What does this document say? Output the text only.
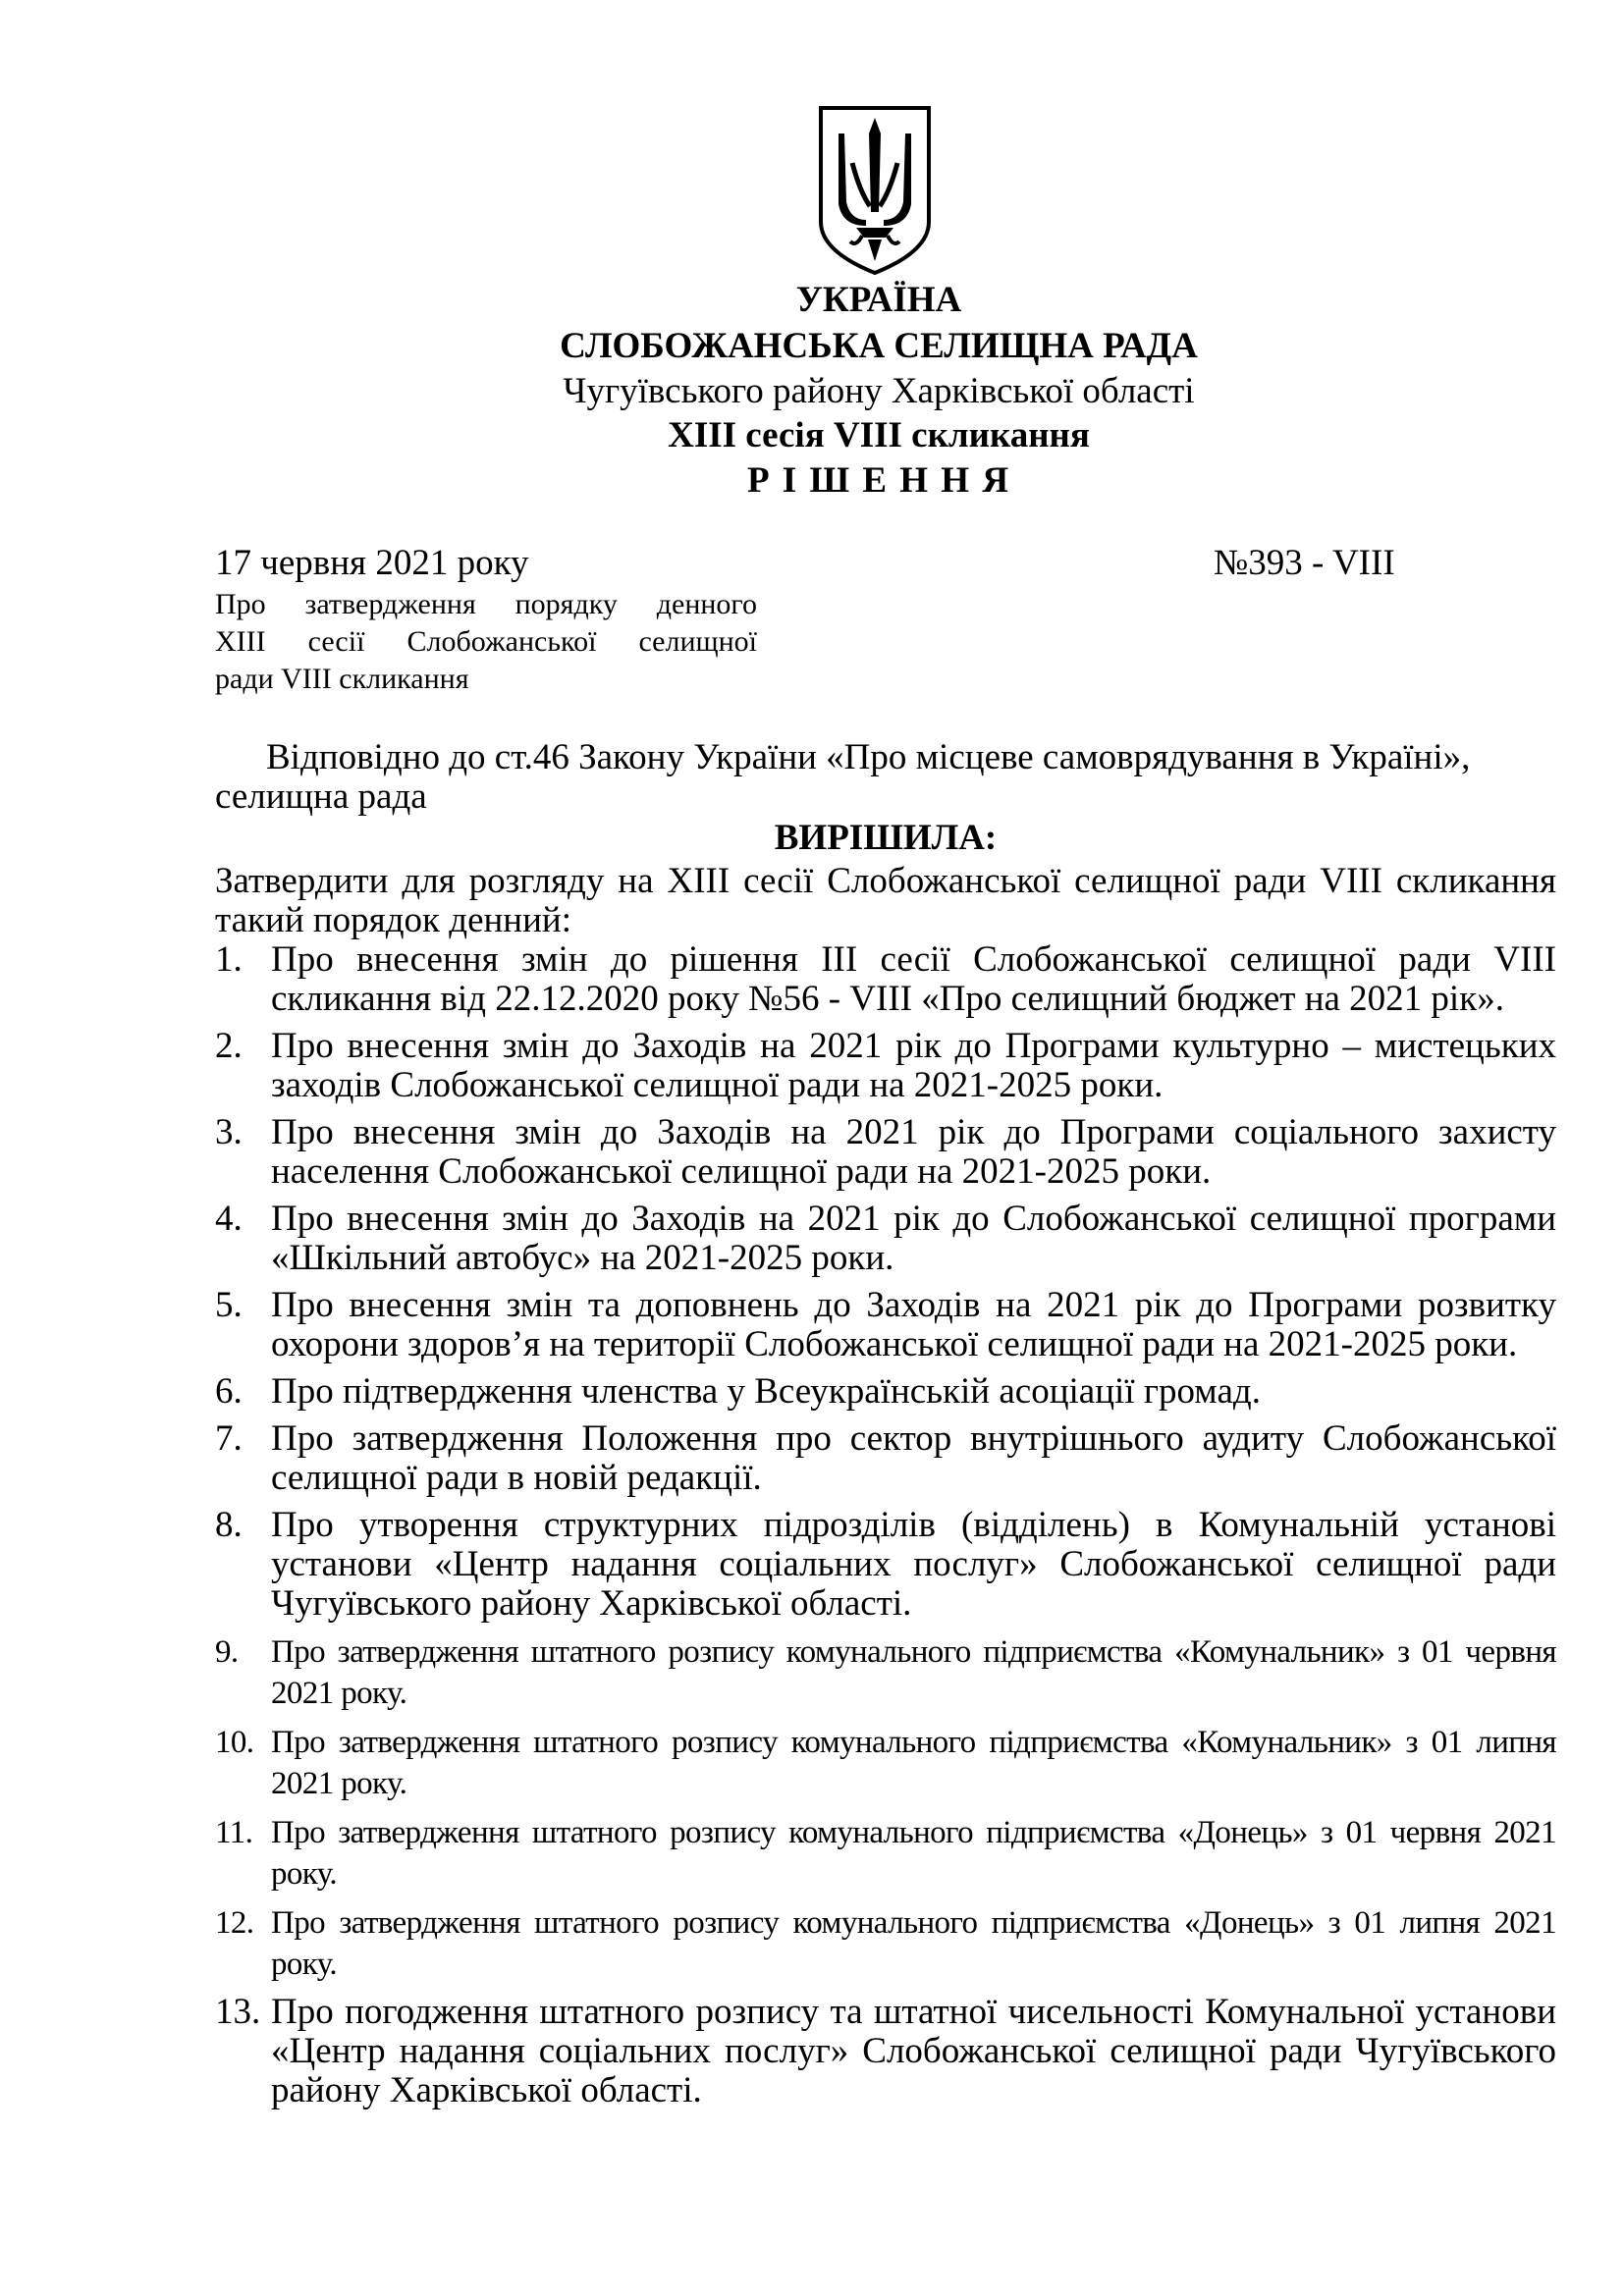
УКРАЇНА
СЛОБОЖАНСЬКА СЕЛИЩНА РАДА
Чугуївського району Харківської області
XIII сесія VIII скликання
Р І Ш Е Н Н Я
17 червня 2021 року	№393 - VIII
Про затвердження порядку денного
XIII сесії Слобожанської селищної
ради VIII скликання

Відповідно до ст.46 Закону України «Про місцеве самоврядування в Україні», селищна рада

ВИРІШИЛА:

Затвердити для розгляду на XIII сесії Слобожанської селищної ради VIII скликання такий порядок денний:

1. Про внесення змін до рішення III сесії Слобожанської селищної ради VIII скликання від 22.12.2020 року №56 - VIII «Про селищний бюджет на 2021 рік».
2. Про внесення змін до Заходів на 2021 рік до Програми культурно – мистецьких заходів Слобожанської селищної ради на 2021-2025 роки.
3. Про внесення змін до Заходів на 2021 рік до Програми соціального захисту населення Слобожанської селищної ради на 2021-2025 роки.
4. Про внесення змін до Заходів на 2021 рік до Слобожанської селищної програми «Шкільний автобус» на 2021-2025 роки.
5. Про внесення змін та доповнень до Заходів на 2021 рік до Програми розвитку охорони здоров’я на території Слобожанської селищної ради на 2021-2025 роки.
6. Про підтвердження членства у Всеукраїнській асоціації громад.
7. Про затвердження Положення про сектор внутрішнього аудиту Слобожанської селищної ради в новій редакції.
8. Про утворення структурних підрозділів (відділень) в Комунальній установі установи «Центр надання соціальних послуг» Слобожанської селищної ради Чугуївського району Харківської області.
9. Про затвердження штатного розпису комунального підприємства «Комунальник» з 01 червня 2021 року.
10. Про затвердження штатного розпису комунального підприємства «Комунальник» з 01 липня 2021 року.
11. Про затвердження штатного розпису комунального підприємства «Донець» з 01 червня 2021 року.
12. Про затвердження штатного розпису комунального підприємства «Донець» з 01 липня 2021 року.
13. Про погодження штатного розпису та штатної чисельності Комунальної установи «Центр надання соціальних послуг» Слобожанської селищної ради Чугуївського району Харківської області.
